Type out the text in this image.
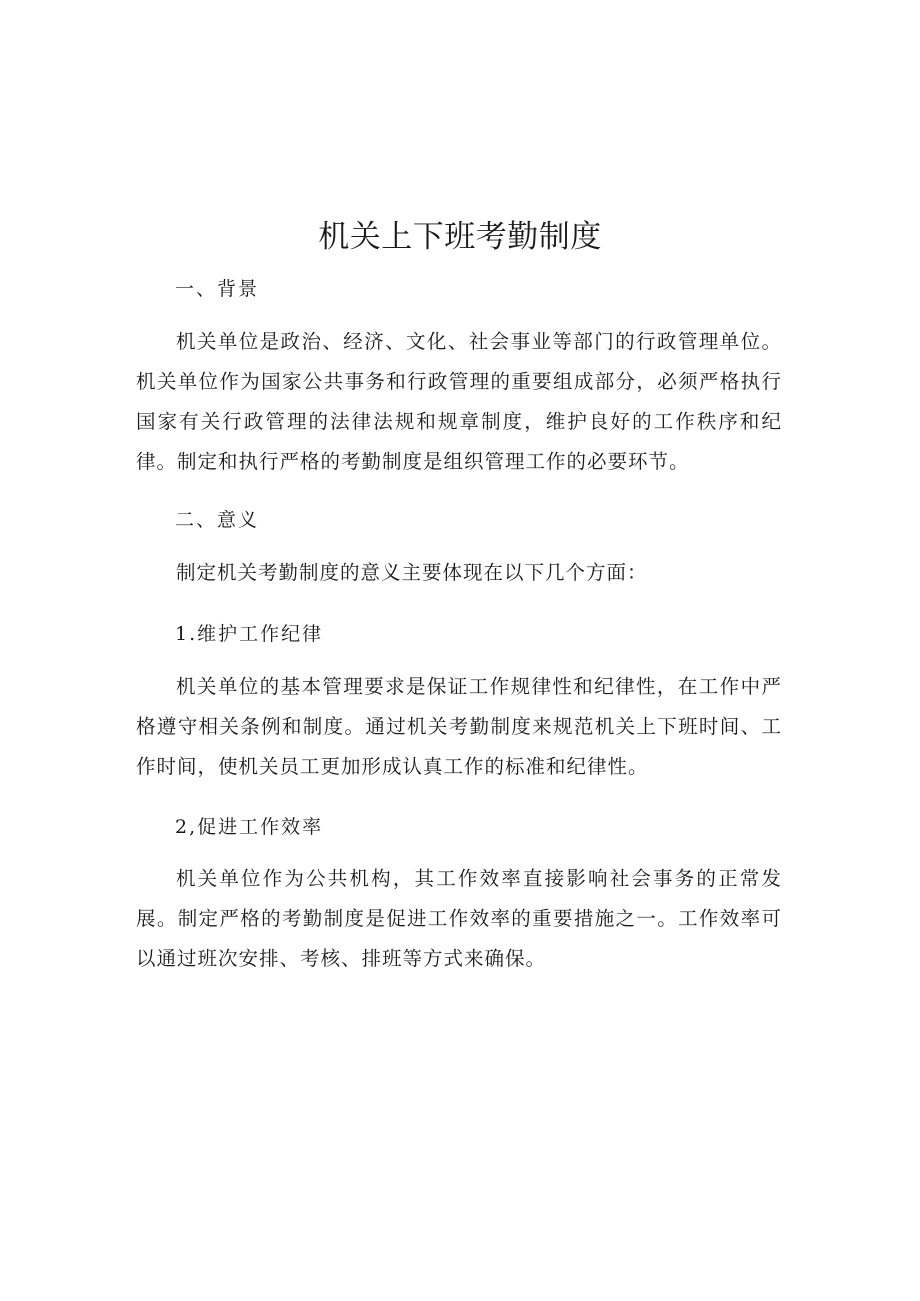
机关上下班考勤制度
一、背景

机关单位是政治、经济、文化、社会事业等部门的行政管理单位。机关单位作为国家公共事务和行政管理的重要组成部分，必须严格执行国家有关行政管理的法律法规和规章制度，维护良好的工作秩序和纪律。制定和执行严格的考勤制度是组织管理工作的必要环节。

二、意义

制定机关考勤制度的意义主要体现在以下几个方面：

1.维护工作纪律

机关单位的基本管理要求是保证工作规律性和纪律性，在工作中严格遵守相关条例和制度。通过机关考勤制度来规范机关上下班时间、工作时间，使机关员工更加形成认真工作的标准和纪律性。

2,促进工作效率

机关单位作为公共机构，其工作效率直接影响社会事务的正常发展。制定严格的考勤制度是促进工作效率的重要措施之一。工作效率可以通过班次安排、考核、排班等方式来确保。
